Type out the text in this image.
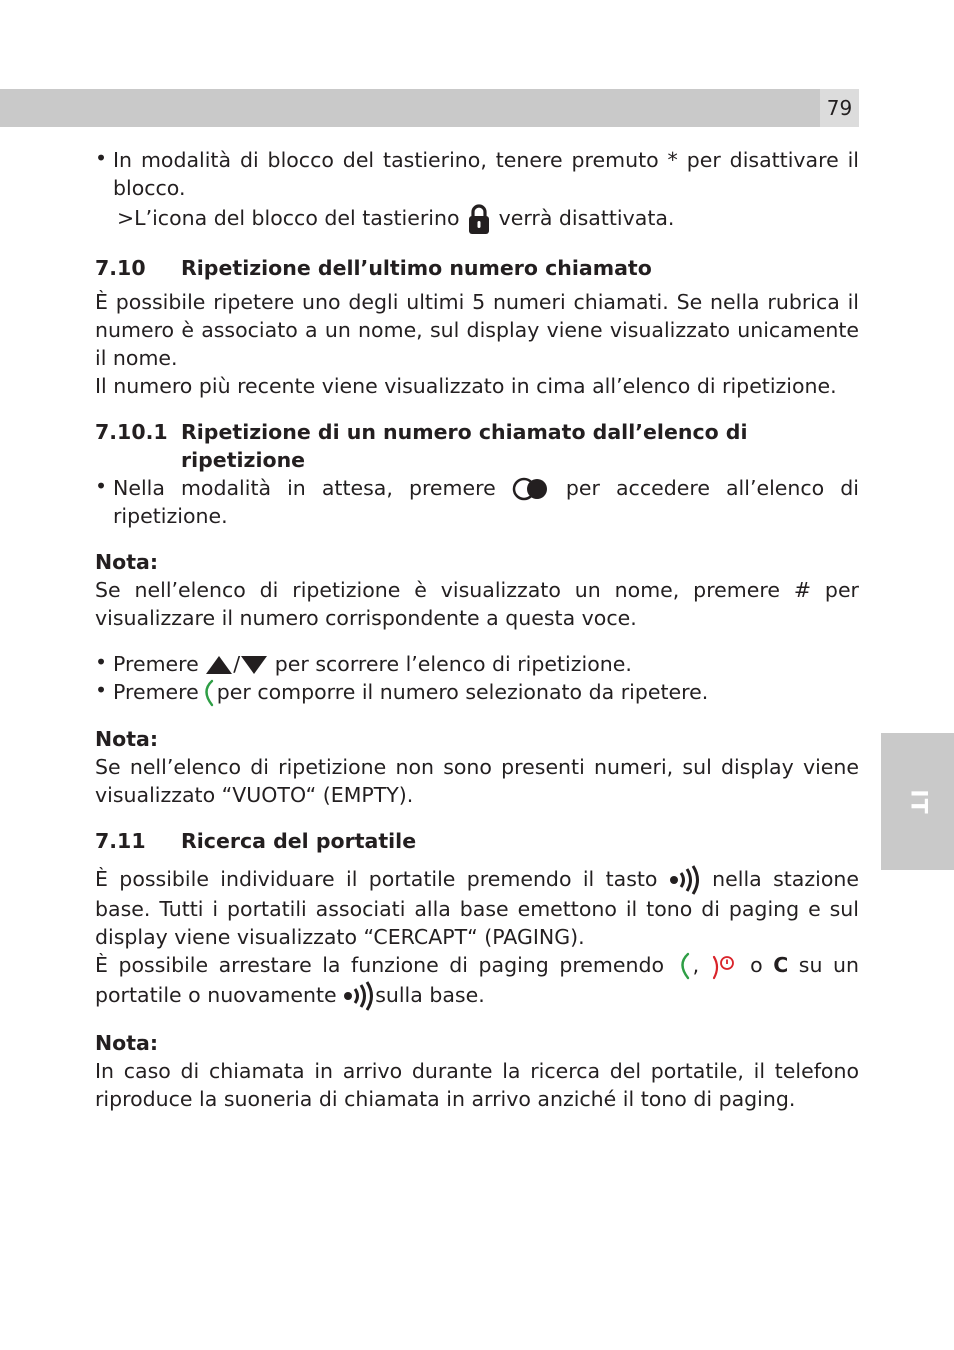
79
IT
• In modalità di blocco del tastierino, tenere premuto * per disattivare il

blocco.

>L’icona del blocco del tastierino verrà disattivata.

7.10	Ripetizione dell’ultimo numero chiamato

È possibile ripetere uno degli ultimi 5 numeri chiamati. Se nella rubrica il

numero è associato a un nome, sul display viene visualizzato unicamente

il nome.

Il numero più recente viene visualizzato in cima all’elenco di ripetizione.

7.10.1 Ripetizione di un numero chiamato dall’elenco di ripetizione
• Nella modalità in attesa, premere	per accedere all’elenco di

ripetizione.

Nota:

Se nell’elenco di ripetizione è visualizzato un nome, premere # per

visualizzare il numero corrispondente a questa voce.

• Premere / per scorrere l’elenco di ripetizione.

• Premere per comporre il numero selezionato da ripetere.

Nota:

Se nell’elenco di ripetizione non sono presenti numeri, sul display viene

visualizzato “VUOTO“ (EMPTY).

7.11	Ricerca del portatile

È possibile individuare il portatile premendo il tasto	nella stazione

base. Tutti i portatili associati alla base emettono il tono di paging e sul

display viene visualizzato “CERCAPT“ (PAGING).

È possibile arrestare la funzione di paging premendo , o C su un

portatile o nuovamente sulla base.

Nota:

In caso di chiamata in arrivo durante la ricerca del portatile, il telefono

riproduce la suoneria di chiamata in arrivo anziché il tono di paging.
